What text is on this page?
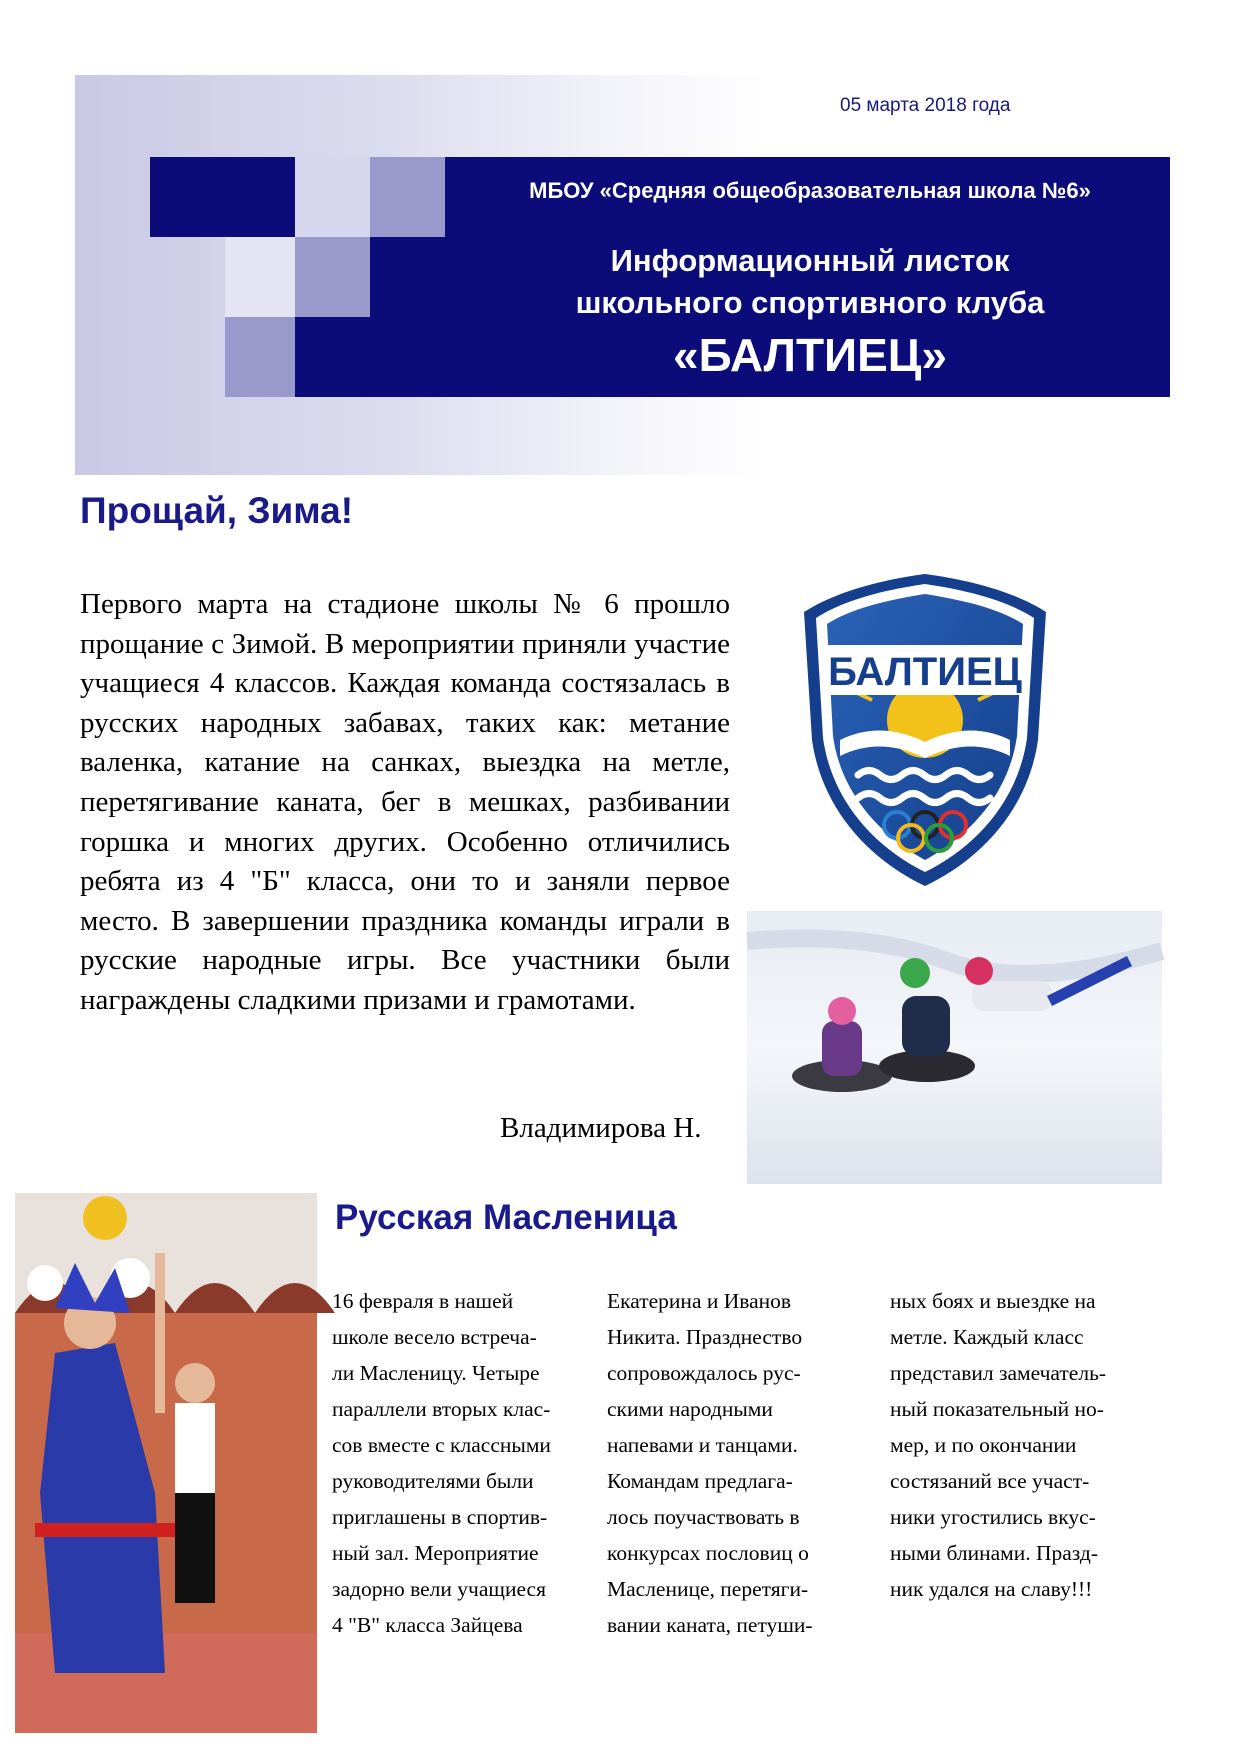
05 марта 2018 года
МБОУ «Средняя общеобразовательная школа №6»
Информационный листок
школьного спортивного клуба
«БАЛТИЕЦ»
Прощай, Зима!
Первого марта на стадионе школы № 6 прошло прощание с Зимой. В мероприятии приняли участие учащиеся 4 классов. Каждая команда состязалась в русских народных забавах, таких как: метание валенка, катание на санках, выездка на метле, перетягивание каната, бег в мешках, разбивании горшка и многих других. Особенно отличились ребята из 4 "Б" класса, они то и заняли первое место. В завершении праздника команды играли в русские народные игры. Все участники были награждены сладкими призами и грамотами.
Владимирова Н.
ШКОЛЬНЫЙ СПОРТИВНЫЙ КЛУБ
БАЛТИЕЦ
Русская Масленица
16 февраля в нашей
школе весело встреча-
ли Масленицу. Четыре
параллели вторых клас-
сов вместе с классными
руководителями были
приглашены в спортив-
ный зал. Мероприятие
задорно вели учащиеся
4 "В" класса Зайцева
Екатерина и Иванов
Никита. Празднество
сопровождалось рус-
скими народными
напевами и танцами.
Командам предлага-
лось поучаствовать в
конкурсах пословиц о
Масленице, перетяги-
вании каната, петуши-
ных боях и выездке на
метле. Каждый класс
представил замечатель-
ный показательный но-
мер, и по окончании
состязаний все участ-
ники угостились вкус-
ными блинами. Празд-
ник удался на славу!!!
